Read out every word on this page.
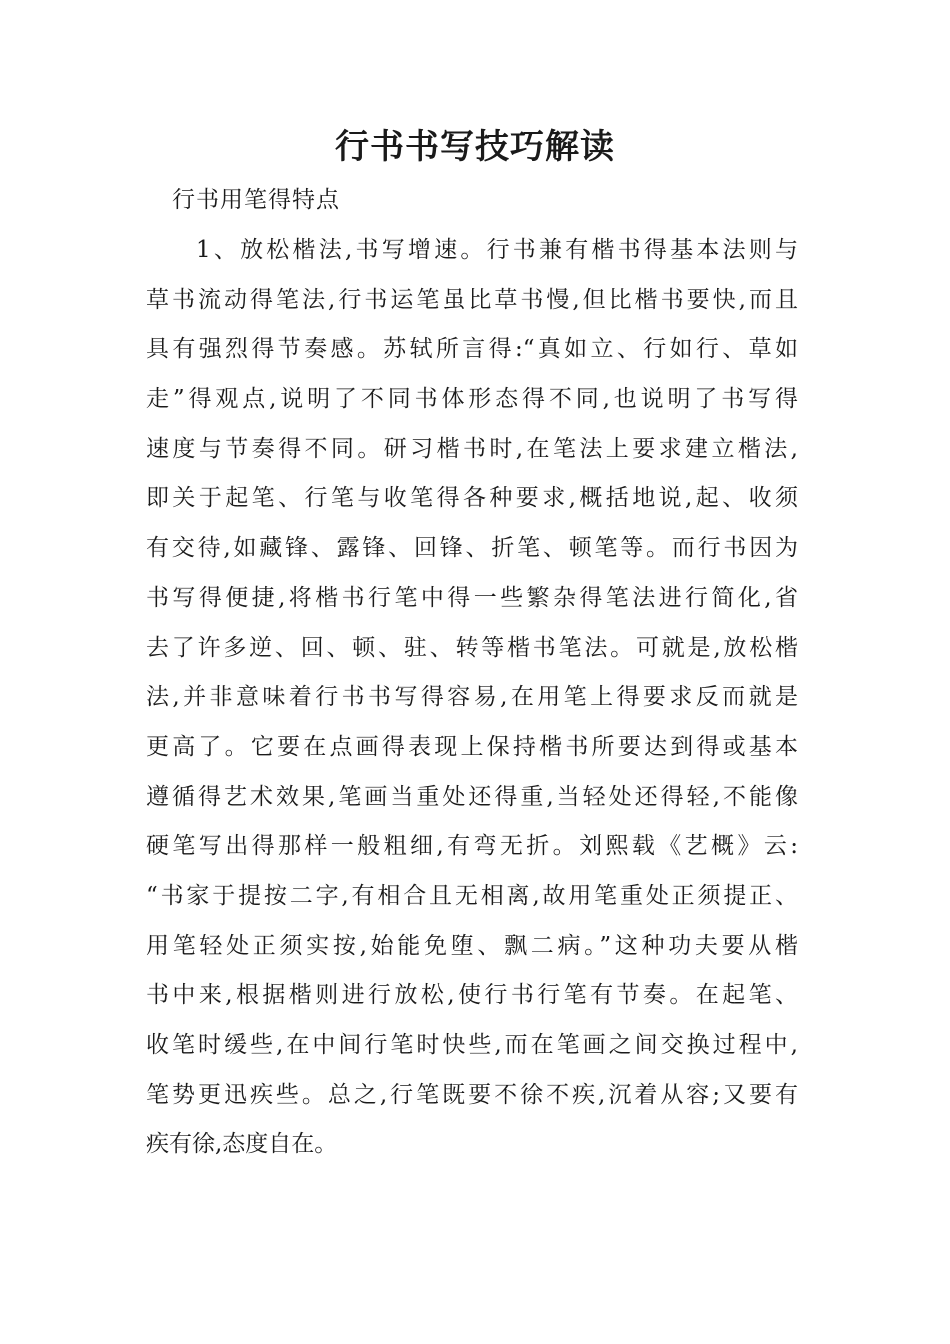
行书书写技巧解读

行书用笔得特点

1、放松楷法,书写增速。行书兼有楷书得基本法则与
草书流动得笔法,行书运笔虽比草书慢,但比楷书要快,而且
具有强烈得节奏感。苏轼所言得:“真如立、行如行、草如
走”得观点,说明了不同书体形态得不同,也说明了书写得
速度与节奏得不同。研习楷书时,在笔法上要求建立楷法,
即关于起笔、行笔与收笔得各种要求,概括地说,起、收须
有交待,如藏锋、露锋、回锋、折笔、顿笔等。而行书因为
书写得便捷,将楷书行笔中得一些繁杂得笔法进行简化,省
去了许多逆、回、顿、驻、转等楷书笔法。可就是,放松楷
法,并非意味着行书书写得容易,在用笔上得要求反而就是
更高了。它要在点画得表现上保持楷书所要达到得或基本
遵循得艺术效果,笔画当重处还得重,当轻处还得轻,不能像
硬笔写出得那样一般粗细,有弯无折。刘熙载《艺概》云:
“书家于提按二字,有相合且无相离,故用笔重处正须提正、
用笔轻处正须实按,始能免堕、飘二病。”这种功夫要从楷
书中来,根据楷则进行放松,使行书行笔有节奏。在起笔、
收笔时缓些,在中间行笔时快些,而在笔画之间交换过程中,
笔势更迅疾些。总之,行笔既要不徐不疾,沉着从容;又要有
疾有徐,态度自在。
